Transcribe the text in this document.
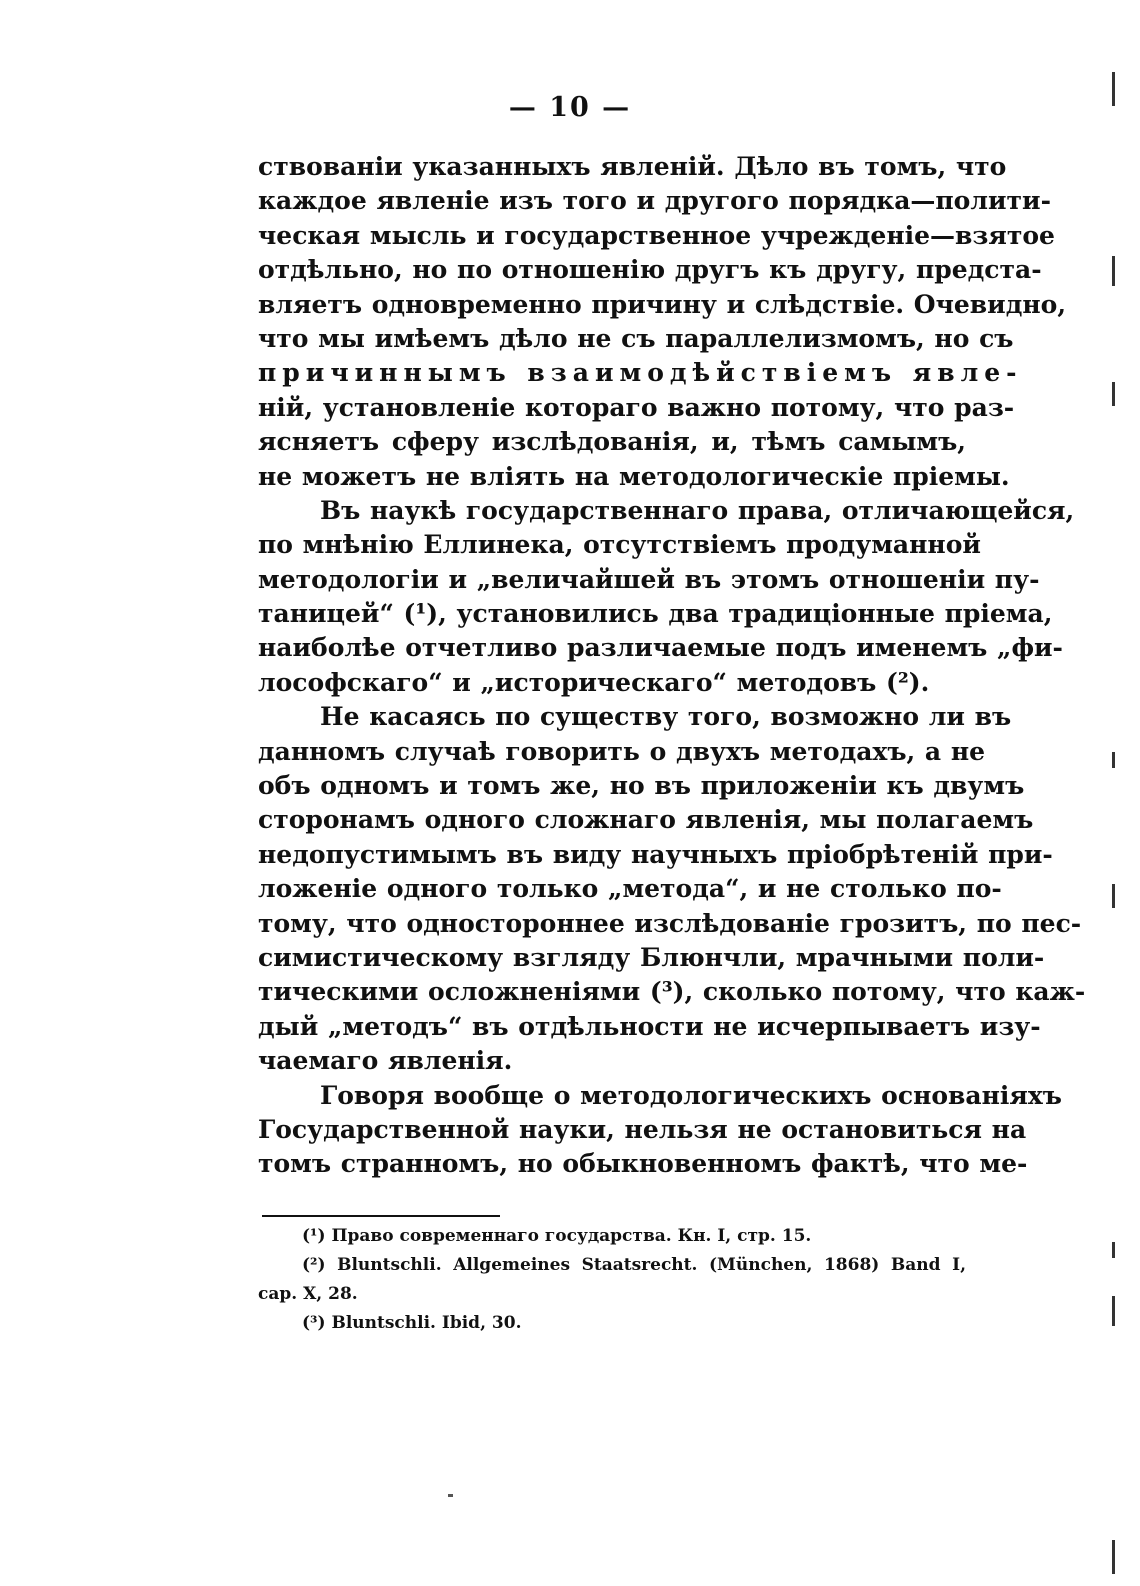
— 10 —
ствованiи указанныхъ явленiй. Дѣло въ томъ, что
каждое явленiе изъ того и другого порядка—полити-
ческая мысль и государственное учрежденiе—взятое
отдѣльно, но по отношенiю другъ къ другу, предста-
вляетъ одновременно причину и слѣдствiе. Очевидно,
что мы имѣемъ дѣло не съ параллелизмомъ, но съ
причиннымъ взаимодѣйствiемъ явле-
нiй, установленiе котораго важно потому, что раз-
ясняетъ сферу изслѣдованiя, и, тѣмъ самымъ,
не можетъ не влiять на методологическiе прiемы.
Въ наукѣ государственнаго права, отличающейся,
по мнѣнiю Еллинека, отсутствiемъ продуманной
методологiи и „величайшей въ этомъ отношенiи пу-
таницей“ (¹), установились два традицiонные прiема,
наиболѣе отчетливо различаемые подъ именемъ „фи-
лософскаго“ и „историческаго“ методовъ (²).
Не касаясь по существу того, возможно ли въ
данномъ случаѣ говорить о двухъ методахъ, а не
объ одномъ и томъ же, но въ приложенiи къ двумъ
сторонамъ одного сложнаго явленiя, мы полагаемъ
недопустимымъ въ виду научныхъ прiобрѣтенiй при-
ложенiе одного только „метода“, и не столько по-
тому, что одностороннее изслѣдованiе грозитъ, по пес-
симистическому взгляду Блюнчли, мрачными поли-
тическими осложненiями (³), сколько потому, что каж-
дый „методъ“ въ отдѣльности не исчерпываетъ изу-
чаемаго явленiя.
Говоря вообще о методологическихъ основанiяхъ
Государственной науки, нельзя не остановиться на
томъ странномъ, но обыкновенномъ фактѣ, что ме-
(¹) Право современнаго государства. Кн. I, стр. 15.
(²) Bluntschli. Allgemeines Staatsrecht. (München, 1868) Band I,
cap. X, 28.
(³) Bluntschli. Ibid, 30.
